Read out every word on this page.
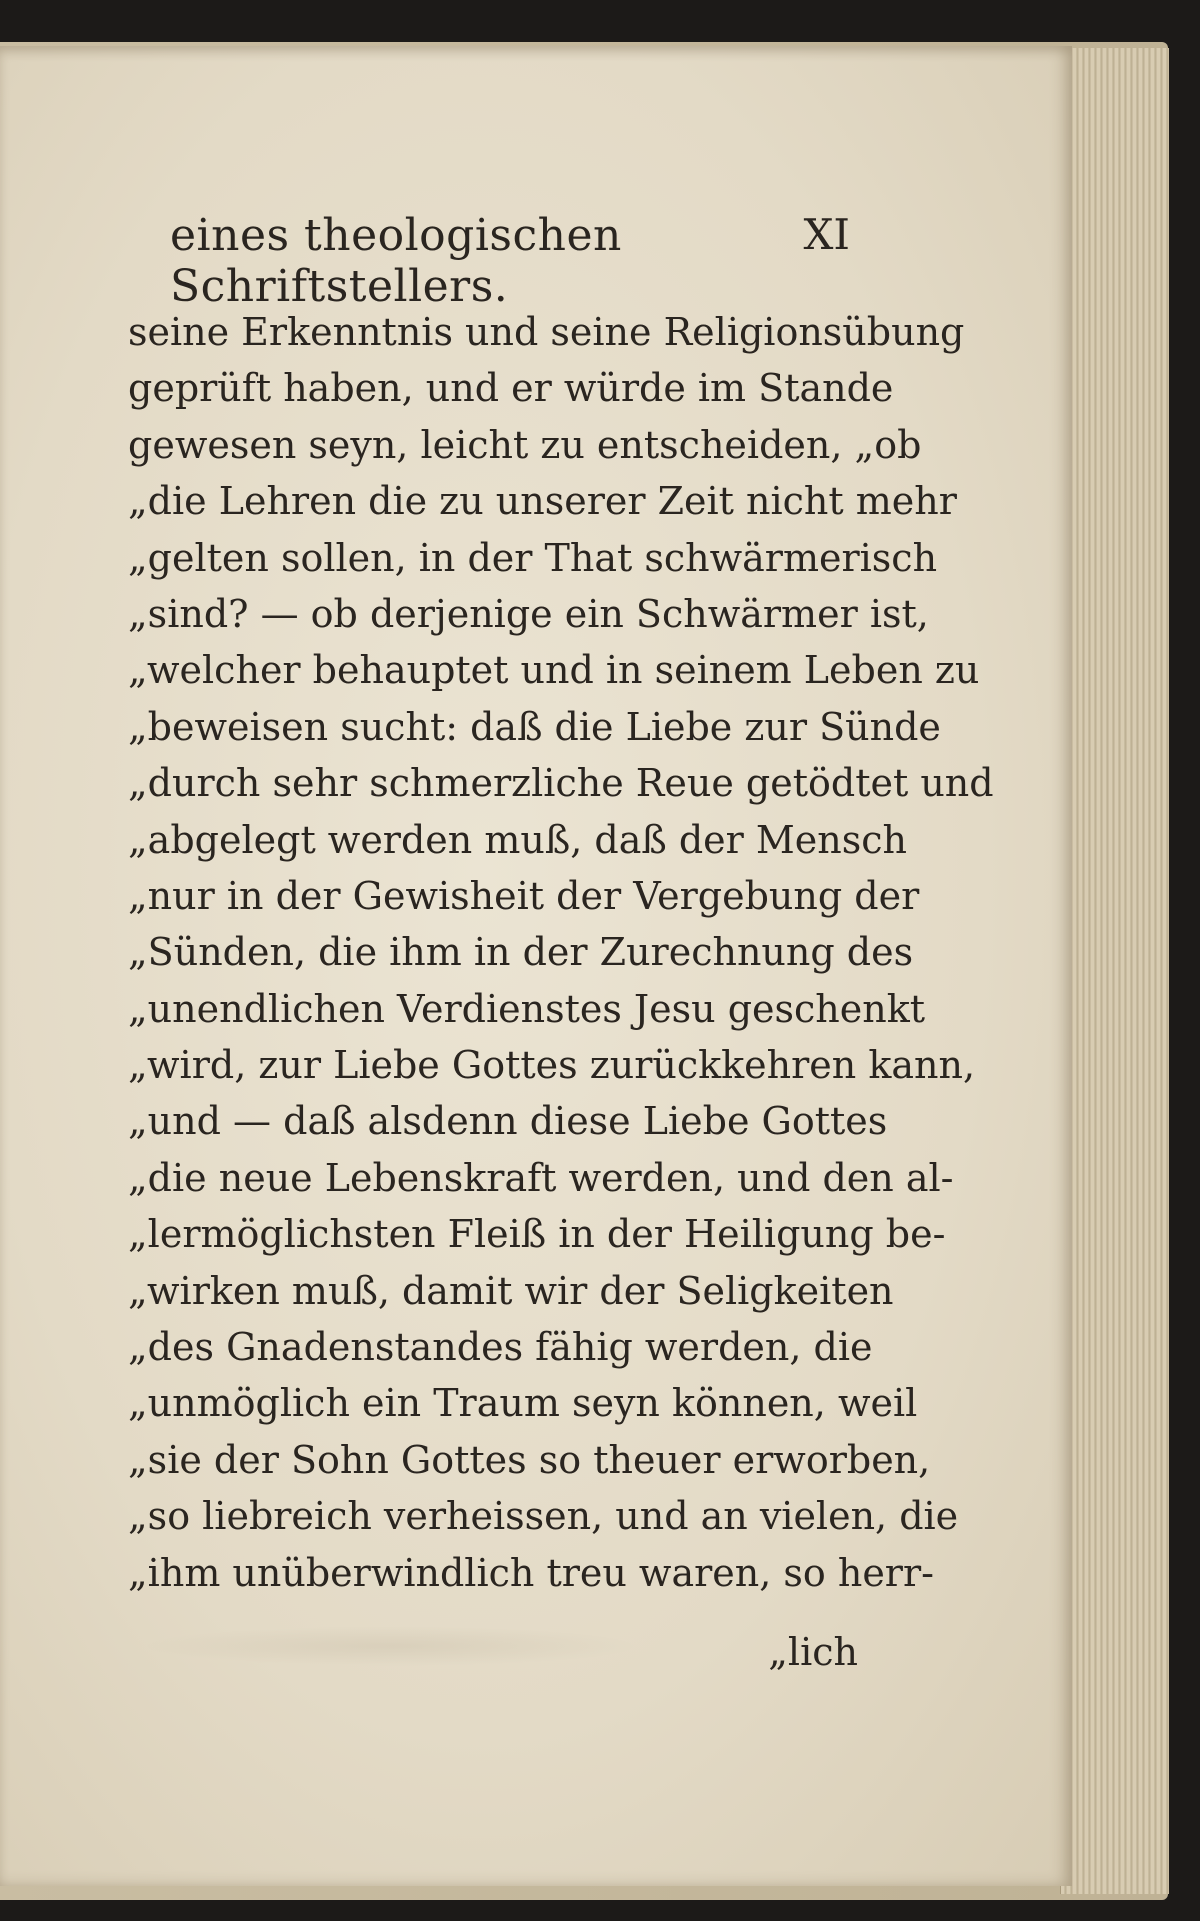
eines theologischen Schriftstellers.
XI
seine Erkenntnis und seine Religionsübung
geprüft haben, und er würde im Stande
gewesen seyn, leicht zu entscheiden, „ob
„die Lehren die zu unserer Zeit nicht mehr
„gelten sollen, in der That schwärmerisch
„sind? — ob derjenige ein Schwärmer ist,
„welcher behauptet und in seinem Leben zu
„beweisen sucht: daß die Liebe zur Sünde
„durch sehr schmerzliche Reue getödtet und
„abgelegt werden muß, daß der Mensch
„nur in der Gewisheit der Vergebung der
„Sünden, die ihm in der Zurechnung des
„unendlichen Verdienstes Jesu geschenkt
„wird, zur Liebe Gottes zurückkehren kann,
„und — daß alsdenn diese Liebe Gottes
„die neue Lebenskraft werden, und den al-
„lermöglichsten Fleiß in der Heiligung be-
„wirken muß, damit wir der Seligkeiten
„des Gnadenstandes fähig werden, die
„unmöglich ein Traum seyn können, weil
„sie der Sohn Gottes so theuer erworben,
„so liebreich verheissen, und an vielen, die
„ihm unüberwindlich treu waren, so herr-
„lich
